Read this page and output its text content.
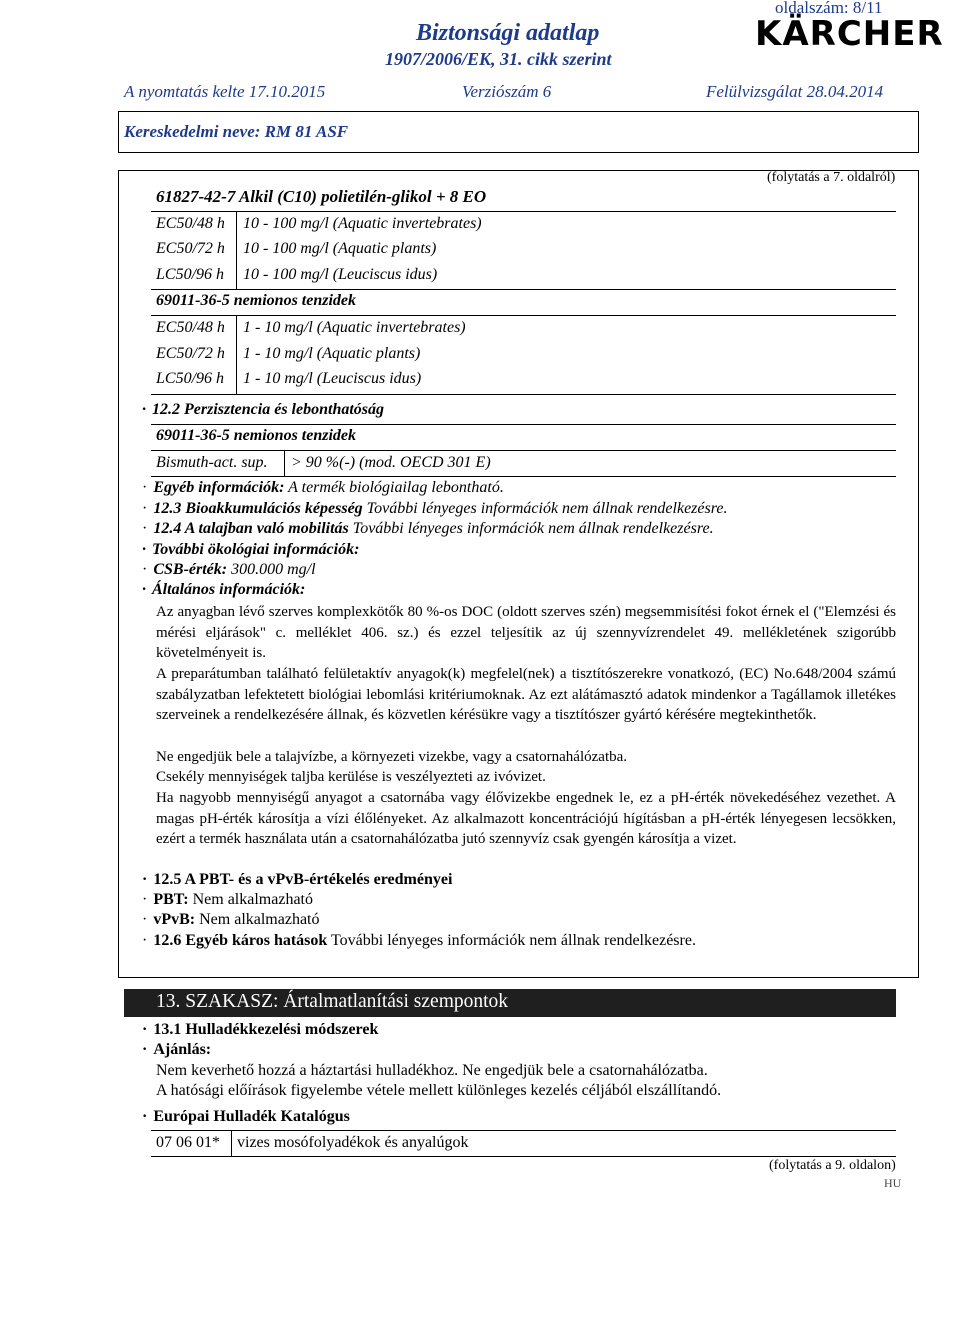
oldalszám: 8/11
Biztonsági adatlap
1907/2006/EK, 31. cikk szerint
KÄRCHER
A nyomtatás kelte 17.10.2015	Verziószám 6	Felülvizsgálat 28.04.2014
Kereskedelmi neve: RM 81 ASF
(folytatás a 7. oldalról)
61827-42-7 Alkil (C10) polietilén-glikol + 8 EO
EC50/48 h 10 - 100 mg/l (Aquatic invertebrates)
EC50/72 h 10 - 100 mg/l (Aquatic plants)
LC50/96 h 10 - 100 mg/l (Leuciscus idus)
69011-36-5 nemionos tenzidek
EC50/48 h 1 - 10 mg/l (Aquatic invertebrates)
EC50/72 h 1 - 10 mg/l (Aquatic plants)
LC50/96 h 1 - 10 mg/l (Leuciscus idus)
· 12.2 Perzisztencia és lebonthatóság
69011-36-5 nemionos tenzidek
Bismuth-act. sup. > 90 %(-) (mod. OECD 301 E)
· Egyéb információk: A termék biológiailag lebontható.
· 12.3 Bioakkumulációs képesség További lényeges információk nem állnak rendelkezésre.
· 12.4 A talajban való mobilitás További lényeges információk nem állnak rendelkezésre.
· További ökológiai információk:
· CSB-érték: 300.000 mg/l
· Általános információk:
Az anyagban lévő szerves komplexkötők 80 %-os DOC (oldott szerves szén) megsemmisítési fokot érnek el ("Elemzési és mérési eljárások" c. melléklet 406. sz.) és ezzel teljesítik az új szennyvízrendelet 49. mellékletének szigorúbb követelményeit is.
A preparátumban található felületaktív anyagok(k) megfelel(nek) a tisztítószerekre vonatkozó, (EC) No.648/2004 számú szabályzatban lefektetett biológiai lebomlási kritériumoknak. Az ezt alátámasztó adatok mindenkor a Tagállamok illetékes szerveinek a rendelkezésére állnak, és közvetlen kérésükre vagy a tisztítószer gyártó kérésére megtekinthetők.
Ne engedjük bele a talajvízbe, a környezeti vizekbe, vagy a csatornahálózatba.
Csekély mennyiségek taljba kerülése is veszélyezteti az ivóvizet.
Ha nagyobb mennyiségű anyagot a csatornába vagy élővizekbe engednek le, ez a pH-érték növekedéséhez vezethet. A magas pH-érték károsítja a vízi élőlényeket. Az alkalmazott koncentrációjú hígításban a pH-érték lényegesen lecsökken, ezért a termék használata után a csatornahálózatba jutó szennyvíz csak gyengén károsítja a vizet.
· 12.5 A PBT- és a vPvB-értékelés eredményei
· PBT: Nem alkalmazható
· vPvB: Nem alkalmazható
· 12.6 Egyéb káros hatások További lényeges információk nem állnak rendelkezésre.
13. SZAKASZ: Ártalmatlanítási szempontok
· 13.1 Hulladékkezelési módszerek
· Ajánlás:
Nem keverhető hozzá a háztartási hulladékhoz. Ne engedjük bele a csatornahálózatba.
A hatósági előírások figyelembe vétele mellett különleges kezelés céljából elszállítandó.
· Európai Hulladék Katalógus
07 06 01* vizes mosófolyadékok és anyalúgok
(folytatás a 9. oldalon)
HU
